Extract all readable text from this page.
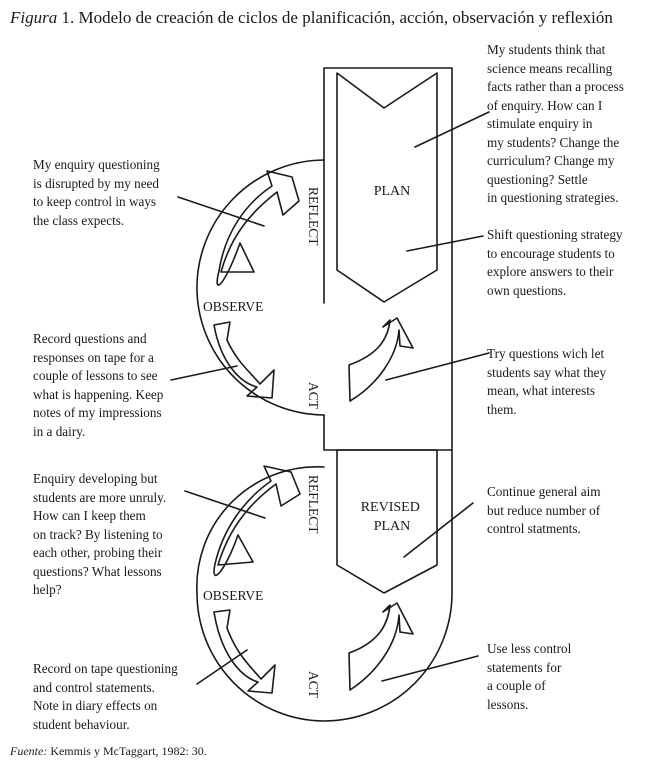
Figura 1. Modelo de creación de ciclos de planificación, acción, observación y reflexión
PLAN
REFLECT
OBSERVE
ACT
REVISED PLAN
REFLECT
OBSERVE
ACT
My students think that
science means recalling
facts rather than a process
of enquiry. How can I
stimulate enquiry in
my students? Change the
curriculum? Change my
questioning? Settle
in questioning strategies.
Shift questioning strategy
to encourage students to
explore answers to their
own questions.
My enquiry questioning
is disrupted by my need
to keep control in ways
the class expects.
Record questions and
responses on tape for a
couple of lessons to see
what is happening. Keep
notes of my impressions
in a dairy.
Try questions wich let
students say what they
mean, what interests
them.
Enquiry developing but
students are more unruly.
How can I keep them
on track? By listening to
each other, probing their
questions? What lessons
help?
Continue general aim
but reduce number of
control statments.
Record on tape questioning
and control statements.
Note in diary effects on
student behaviour.
Use less control
statements for
a couple of
lessons.
Fuente: Kemmis y McTaggart, 1982: 30.
